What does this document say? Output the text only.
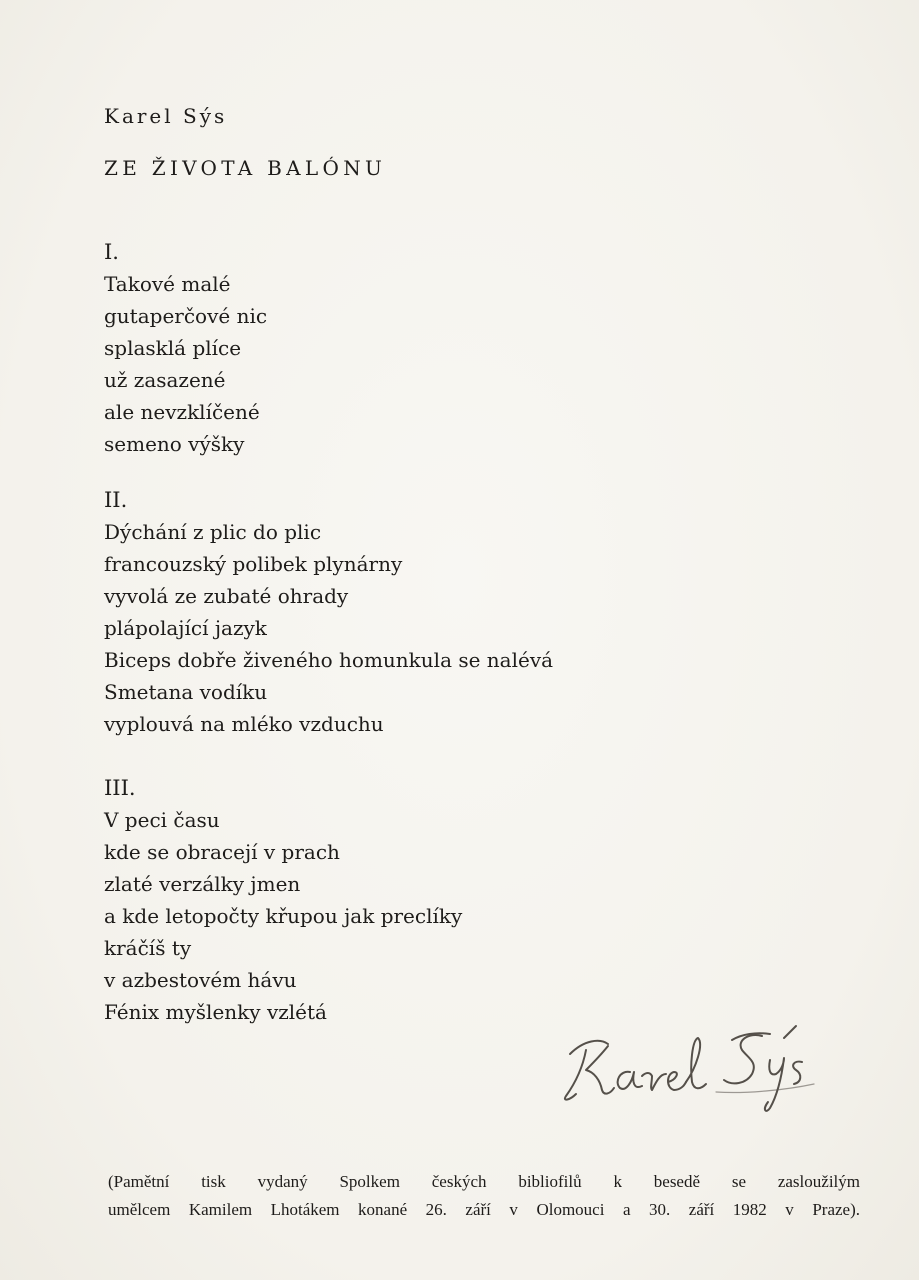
Karel Sýs
ZE ŽIVOTA BALÓNU
I.
Takové malé
gutaperčové nic
splasklá plíce
už zasazené
ale nevzklíčené
semeno výšky
II.
Dýchání z plic do plic
francouzský polibek plynárny
vyvolá ze zubaté ohrady
plápolající jazyk
Biceps dobře živeného homunkula se nalévá
Smetana vodíku
vyplouvá na mléko vzduchu
III.
V peci času
kde se obracejí v prach
zlaté verzálky jmen
a kde letopočty křupou jak preclíky
kráčíš ty
v azbestovém hávu
Fénix myšlenky vzlétá
(Pamětní tisk vydaný Spolkem českých bibliofilů k besedě se zasloužilým
umělcem Kamilem Lhotákem konané 26. září v Olomouci a 30. září 1982 v Praze).
